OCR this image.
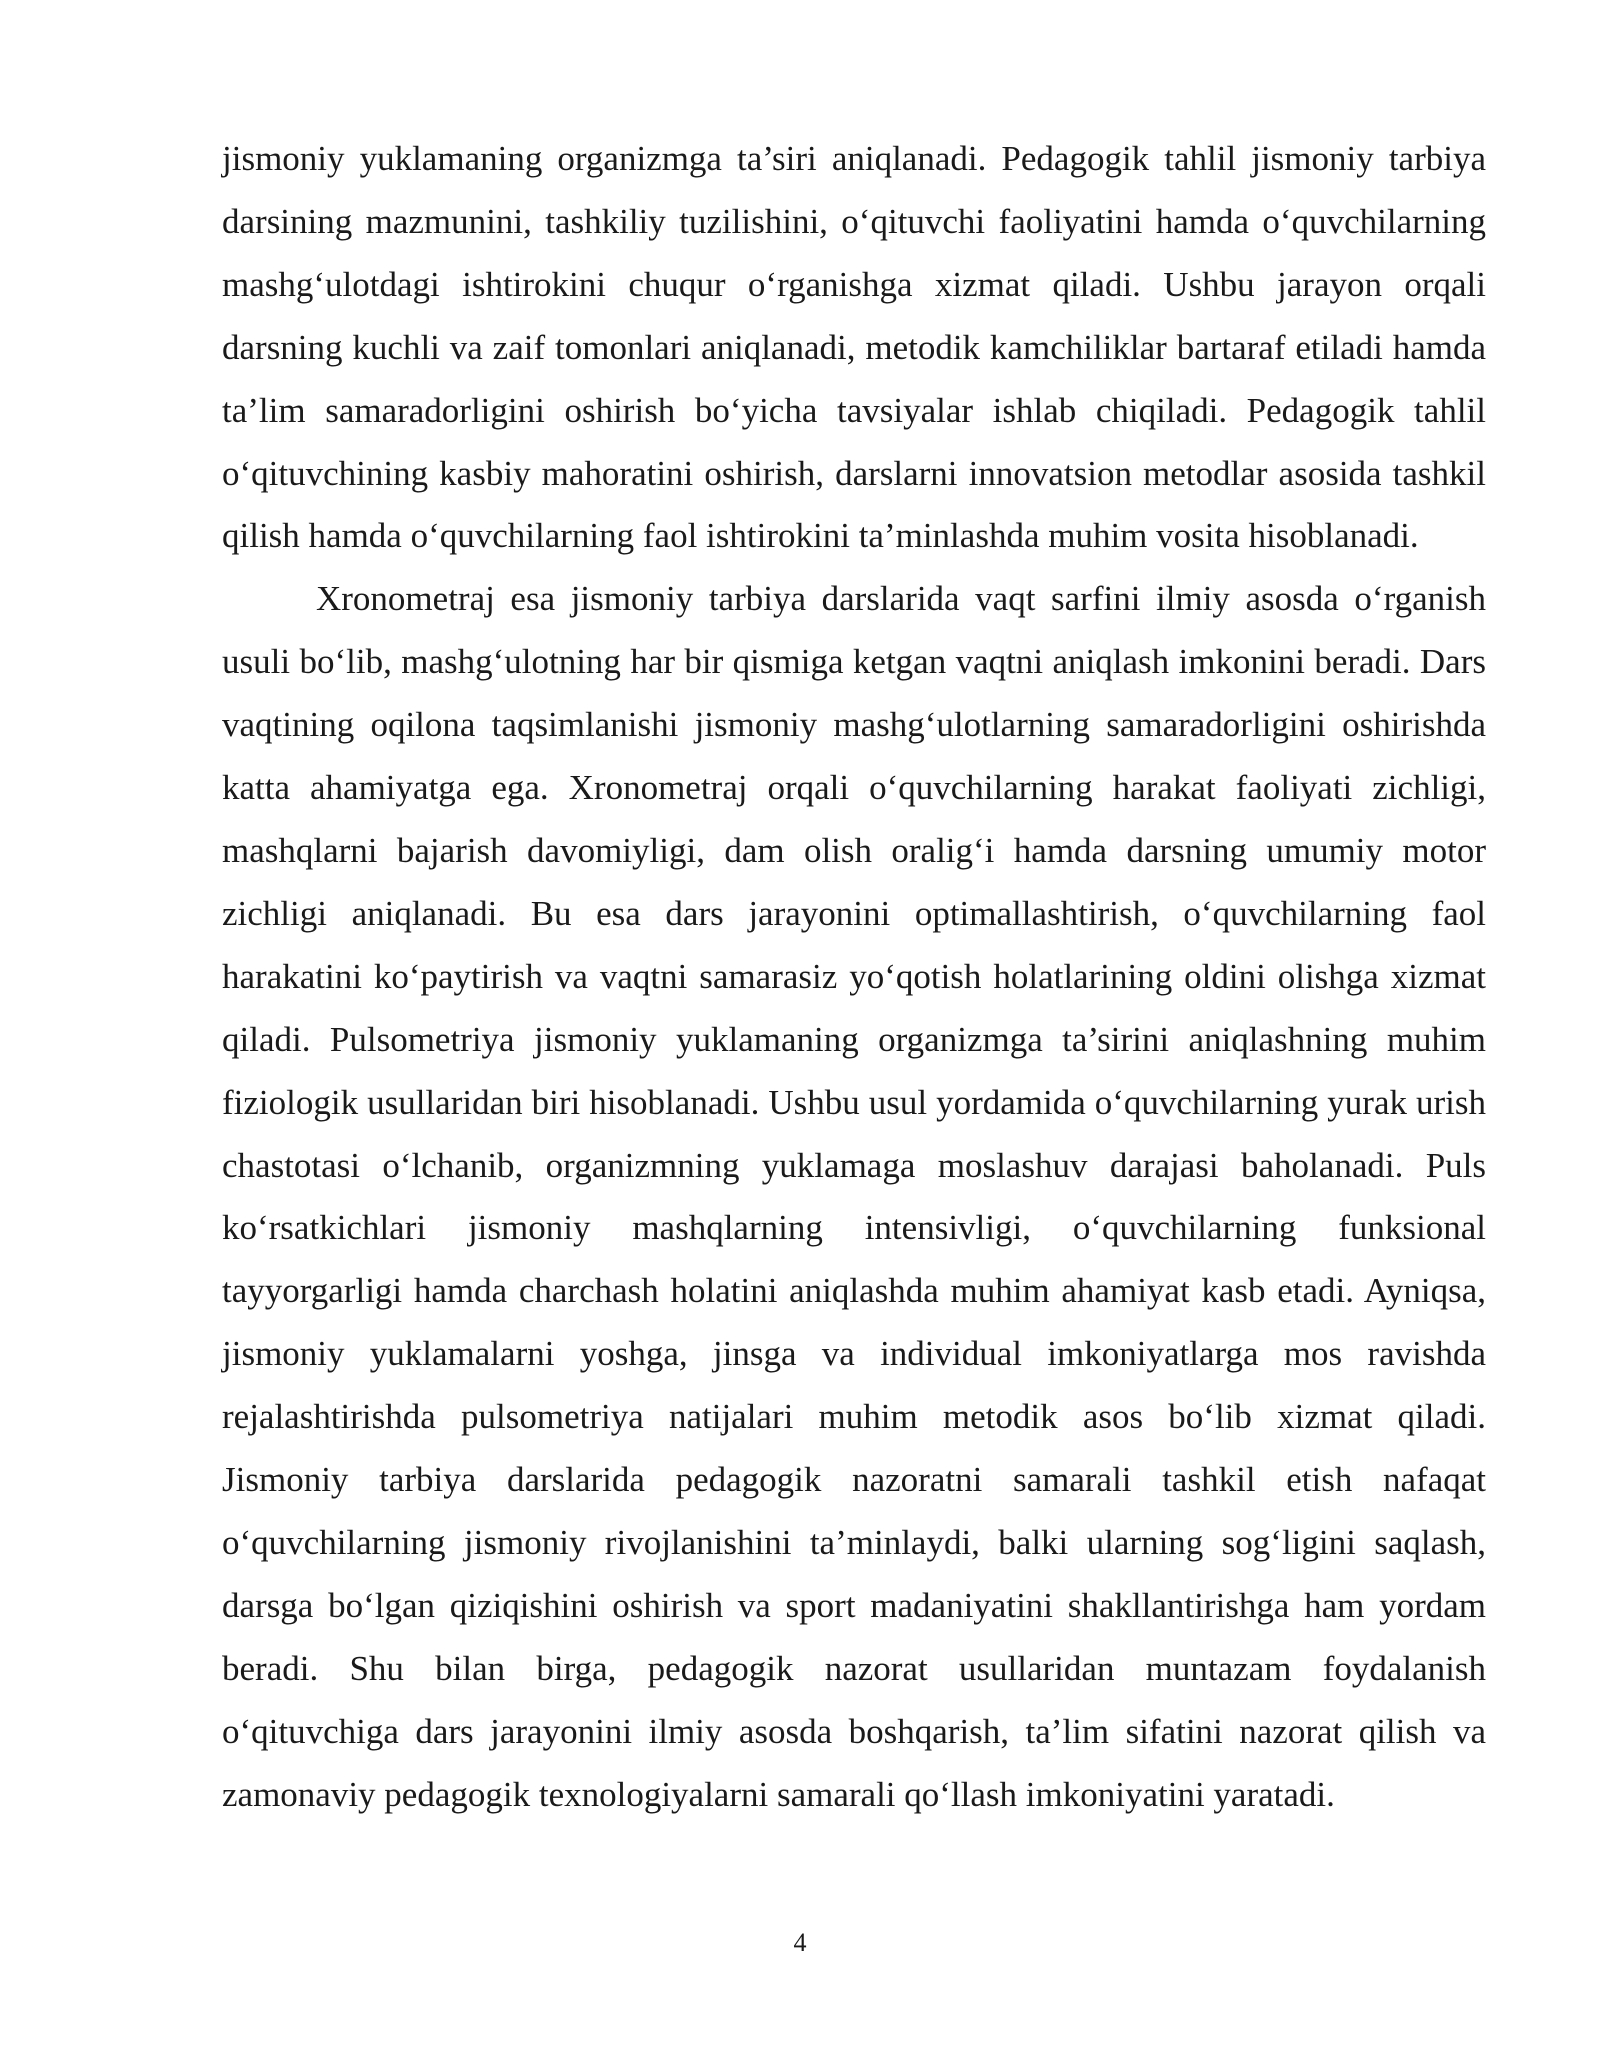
jismoniy yuklamaning organizmga ta’siri aniqlanadi. Pedagogik tahlil jismoniy tarbiya darsining mazmunini, tashkiliy tuzilishini, o‘qituvchi faoliyatini hamda o‘quvchilarning mashg‘ulotdagi ishtirokini chuqur o‘rganishga xizmat qiladi. Ushbu jarayon orqali darsning kuchli va zaif tomonlari aniqlanadi, metodik kamchiliklar bartaraf etiladi hamda ta’lim samaradorligini oshirish bo‘yicha tavsiyalar ishlab chiqiladi. Pedagogik tahlil o‘qituvchining kasbiy mahoratini oshirish, darslarni innovatsion metodlar asosida tashkil qilish hamda o‘quvchilarning faol ishtirokini ta’minlashda muhim vosita hisoblanadi.

Xronometraj esa jismoniy tarbiya darslarida vaqt sarfini ilmiy asosda o‘rganish usuli bo‘lib, mashg‘ulotning har bir qismiga ketgan vaqtni aniqlash imkonini beradi. Dars vaqtining oqilona taqsimlanishi jismoniy mashg‘ulotlarning samaradorligini oshirishda katta ahamiyatga ega. Xronometraj orqali o‘quvchilarning harakat faoliyati zichligi, mashqlarni bajarish davomiyligi, dam olish oralig‘i hamda darsning umumiy motor zichligi aniqlanadi. Bu esa dars jarayonini optimallashtirish, o‘quvchilarning faol harakatini ko‘paytirish va vaqtni samarasiz yo‘qotish holatlarining oldini olishga xizmat qiladi. Pulsometriya jismoniy yuklamaning organizmga ta’sirini aniqlashning muhim fiziologik usullaridan biri hisoblanadi. Ushbu usul yordamida o‘quvchilarning yurak urish chastotasi o‘lchanib, organizmning yuklamaga moslashuv darajasi baholanadi. Puls ko‘rsatkichlari jismoniy mashqlarning intensivligi, o‘quvchilarning funksional tayyorgarligi hamda charchash holatini aniqlashda muhim ahamiyat kasb etadi. Ayniqsa, jismoniy yuklamalarni yoshga, jinsga va individual imkoniyatlarga mos ravishda rejalashtirishda pulsometriya natijalari muhim metodik asos bo‘lib xizmat qiladi. Jismoniy tarbiya darslarida pedagogik nazoratni samarali tashkil etish nafaqat o‘quvchilarning jismoniy rivojlanishini ta’minlaydi, balki ularning sog‘ligini saqlash, darsga bo‘lgan qiziqishini oshirish va sport madaniyatini shakllantirishga ham yordam beradi. Shu bilan birga, pedagogik nazorat usullaridan muntazam foydalanish o‘qituvchiga dars jarayonini ilmiy asosda boshqarish, ta’lim sifatini nazorat qilish va zamonaviy pedagogik texnologiyalarni samarali qo‘llash imkoniyatini yaratadi.

4
